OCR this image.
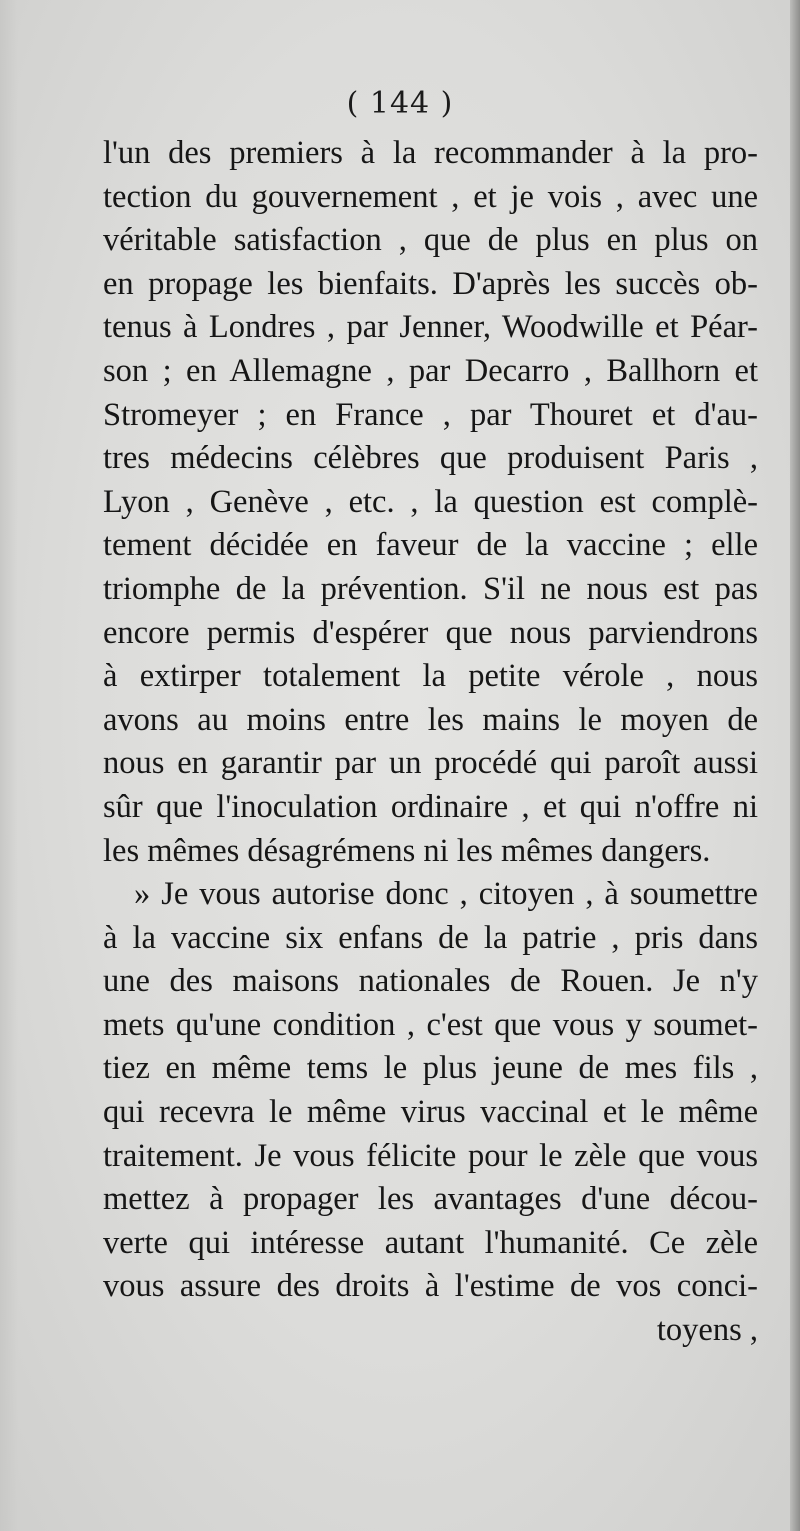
( 144 )
l'un des premiers à la recommander à la pro-
tection du gouvernement , et je vois , avec une
véritable satisfaction , que de plus en plus on
en propage les bienfaits. D'après les succès ob-
tenus à Londres , par Jenner, Woodwille et Péar-
son ; en Allemagne , par Decarro , Ballhorn et
Stromeyer ; en France , par Thouret et d'au-
tres médecins célèbres que produisent Paris ,
Lyon , Genève , etc. , la question est complè-
tement décidée en faveur de la vaccine ; elle
triomphe de la prévention. S'il ne nous est pas
encore permis d'espérer que nous parviendrons
à extirper totalement la petite vérole , nous
avons au moins entre les mains le moyen de
nous en garantir par un procédé qui paroît aussi
sûr que l'inoculation ordinaire , et qui n'offre ni
les mêmes désagrémens ni les mêmes dangers.
» Je vous autorise donc , citoyen , à soumettre
à la vaccine six enfans de la patrie , pris dans
une des maisons nationales de Rouen. Je n'y
mets qu'une condition , c'est que vous y soumet-
tiez en même tems le plus jeune de mes fils ,
qui recevra le même virus vaccinal et le même
traitement. Je vous félicite pour le zèle que vous
mettez à propager les avantages d'une décou-
verte qui intéresse autant l'humanité. Ce zèle
vous assure des droits à l'estime de vos conci-
toyens ,
